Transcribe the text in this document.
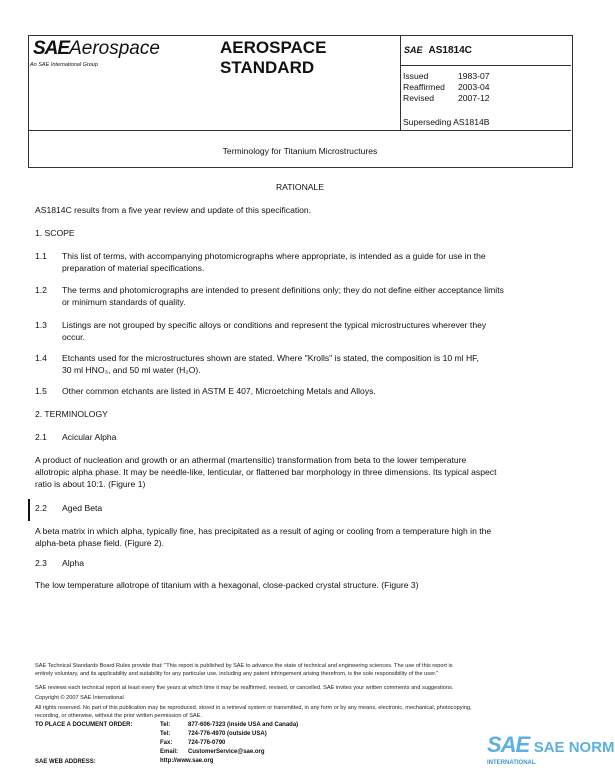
SAEAerospace
An SAE International Group
AEROSPACE
STANDARD
SAE AS1814C
Issued	1983-07
Reaffirmed 2003-04
Revised	2007-12
Superseding AS1814B
Terminology for Titanium Microstructures
RATIONALE
AS1814C results from a five year review and update of this specification.
1. SCOPE
1.1 This list of terms, with accompanying photomicrographs where appropriate, is intended as a guide for use in the
preparation of material specifications.
1.2 The terms and photomicrographs are intended to present definitions only; they do not define either acceptance limits
or minimum standards of quality.
1.3 Listings are not grouped by specific alloys or conditions and represent the typical microstructures wherever they
occur.
1.4 Etchants used for the microstructures shown are stated. Where "Krolls" is stated, the composition is 10 ml HF,
30 ml HNO₃, and 50 ml water (H₂O).
1.5 Other common etchants are listed in ASTM E 407, Microetching Metals and Alloys.
2. TERMINOLOGY
2.1 Acicular Alpha
A product of nucleation and growth or an athermal (martensitic) transformation from beta to the lower temperature
allotropic alpha phase. It may be needle-like, lenticular, or flattened bar morphology in three dimensions. Its typical aspect
ratio is about 10:1. (Figure 1)
2.2 Aged Beta
A beta matrix in which alpha, typically fine, has precipitated as a result of aging or cooling from a temperature high in the
alpha-beta phase field. (Figure 2).
2.3 Alpha
The low temperature allotrope of titanium with a hexagonal, close-packed crystal structure. (Figure 3)
SAE Technical Standards Board Rules provide that: "This report is published by SAE to advance the state of technical and engineering sciences. The use of this report is
entirely voluntary, and its applicability and suitability for any particular use, including any patent infringement arising therefrom, is the sole responsibility of the user."
SAE reviews each technical report at least every five years at which time it may be reaffirmed, revised, or cancelled. SAE invites your written comments and suggestions.
Copyright © 2007 SAE International
All rights reserved. No part of this publication may be reproduced, stored in a retrieval system or transmitted, in any form or by any means, electronic, mechanical, photocopying,
recording, or otherwise, without the prior written permission of SAE.
TO PLACE A DOCUMENT ORDER:	Tel:	877-606-7323 (inside USA and Canada)
Tel:	724-776-4970 (outside USA)
Fax:	724-776-0790
Email: CustomerService@sae.org
SAE WEB ADDRESS:	http://www.sae.org
SAE SAE NORM
INTERNATIONAL
